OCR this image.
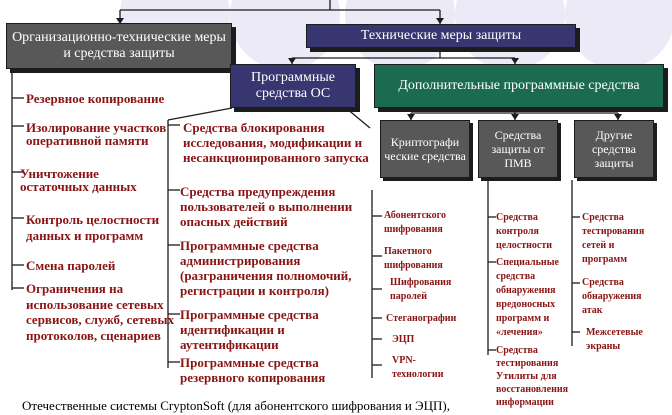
Организационно-технические меры и средства защиты
Технические меры защиты
Программные средства ОС
Дополнительные программные средства
Криптографи ческие средства
Средства защиты от ПМВ
Другие средства защиты
Резервное копирование
Изолирование участков оперативной памяти
Уничтожение остаточных данных
Контроль целостности данных и программ
Смена паролей
Ограничения на использование сетевых сервисов, служб, сетевых протоколов, сценариев
Средства блокирования исследования, модификации и несанкционированного запуска
Средства предупреждения пользователей о выполнении опасных действий
Программные средства администрирования (разграничения полномочий, регистрации и контроля)
Программные средства идентификации и аутентификации
Программные средства резервного копирования
Абонентского шифрования
Пакетного шифрования
Шифрования паролей
Стеганографии
ЭЦП
VPN- технологии
Средства контроля целостности
Специальные средства обнаружения вредоносных программ и «лечения»
Средства тестирования Утилиты для восстановления информации
Средства тестирования сетей и программ
Средства обнаружения атак
Межсетевые экраны
Отечественные системы CryptonSoft (для абонентского шифрования и ЭЦП),
